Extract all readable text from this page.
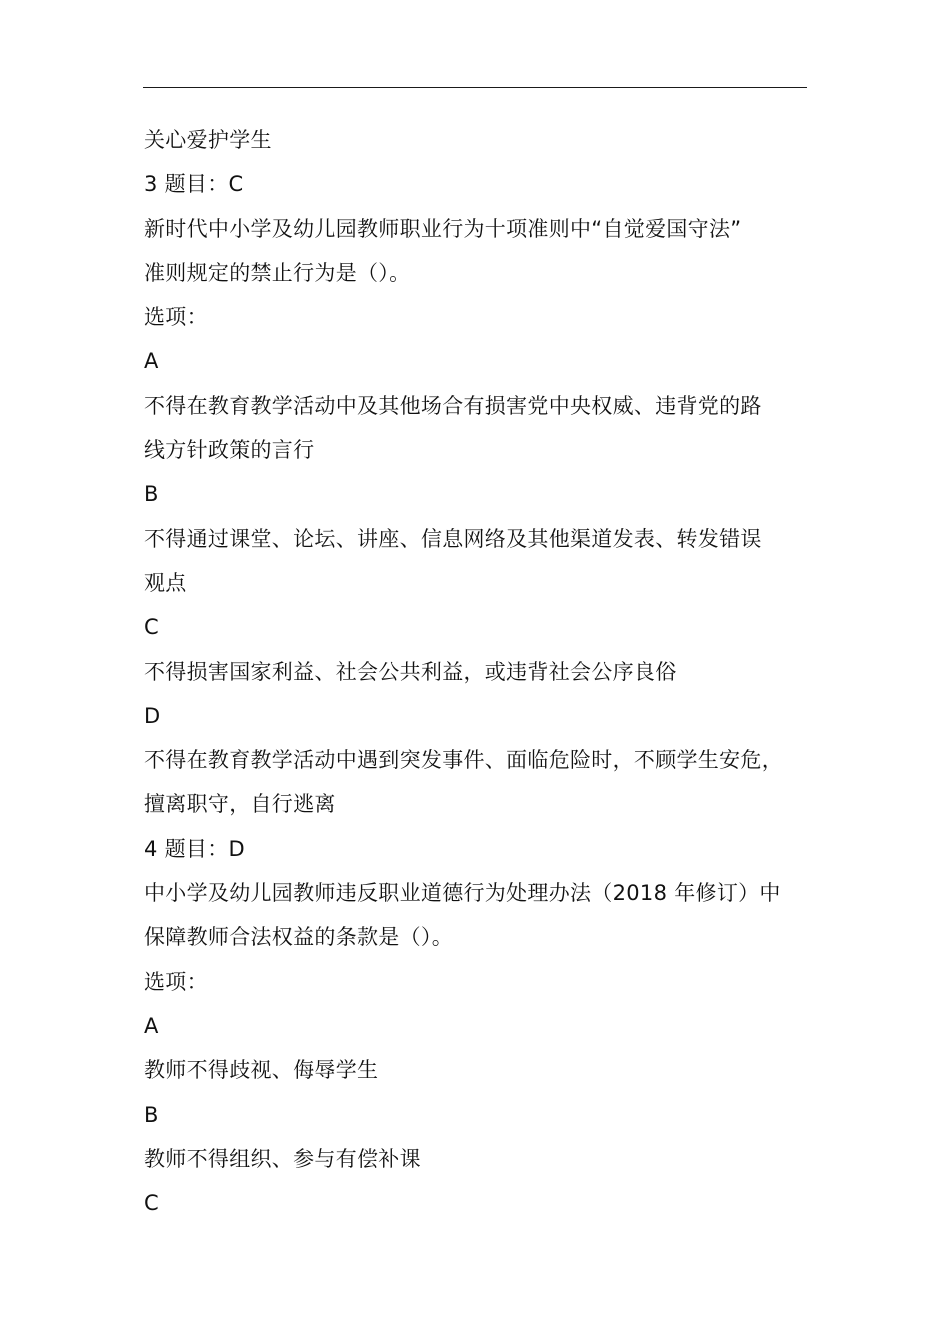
关心爱护学生
3 题目：C
新时代中小学及幼儿园教师职业行为十项准则中“自觉爱国守法”
准则规定的禁止行为是（）。
选项：
A
不得在教育教学活动中及其他场合有损害党中央权威、违背党的路
线方针政策的言行
B
不得通过课堂、论坛、讲座、信息网络及其他渠道发表、转发错误
观点
C
不得损害国家利益、社会公共利益，或违背社会公序良俗
D
不得在教育教学活动中遇到突发事件、面临危险时，不顾学生安危，
擅离职守，自行逃离
4 题目：D
中小学及幼儿园教师违反职业道德行为处理办法（2018 年修订）中
保障教师合法权益的条款是（）。
选项：
A
教师不得歧视、侮辱学生
B
教师不得组织、参与有偿补课
C
